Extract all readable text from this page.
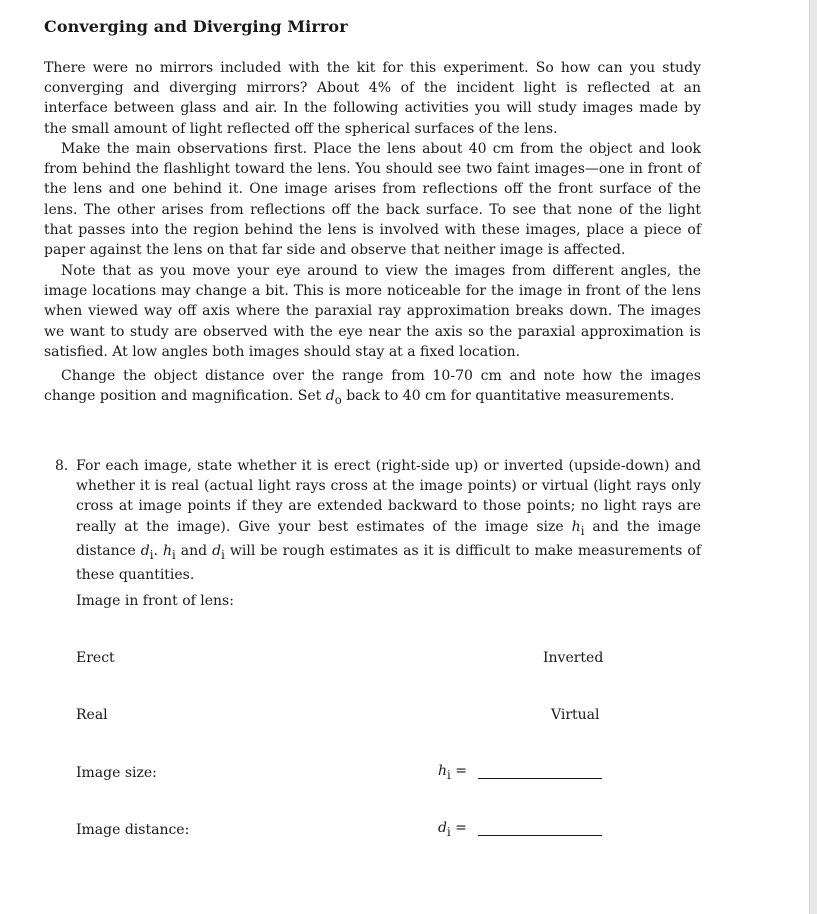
Converging and Diverging Mirror

There were no mirrors included with the kit for this experiment. So how can you study converging and diverging mirrors? About 4% of the incident light is reflected at an interface between glass and air. In the following activities you will study images made by the small amount of light reflected off the spherical surfaces of the lens.

Make the main observations first. Place the lens about 40 cm from the object and look from behind the flashlight toward the lens. You should see two faint images—one in front of the lens and one behind it. One image arises from reflections off the front surface of the lens. The other arises from reflections off the back surface. To see that none of the light that passes into the region behind the lens is involved with these images, place a piece of paper against the lens on that far side and observe that neither image is affected.

Note that as you move your eye around to view the images from different angles, the image locations may change a bit. This is more noticeable for the image in front of the lens when viewed way off axis where the paraxial ray approximation breaks down. The images we want to study are observed with the eye near the axis so the paraxial approximation is satisfied. At low angles both images should stay at a fixed location.

Change the object distance over the range from 10-70 cm and note how the images change position and magnification. Set $d_o$ back to 40 cm for quantitative measurements.

8. For each image, state whether it is erect (right-side up) or inverted (upside-down) and whether it is real (actual light rays cross at the image points) or virtual (light rays only cross at image points if they are extended backward to those points; no light rays are really at the image). Give your best estimates of the image size $h_i$ and the image distance $d_i$. $h_i$ and $d_i$ will be rough estimates as it is difficult to make measurements of these quantities.
Image in front of lens:
Erect	Inverted
Real	Virtual
Image size:	$h_i$ =
Image distance:	$d_i$ =
